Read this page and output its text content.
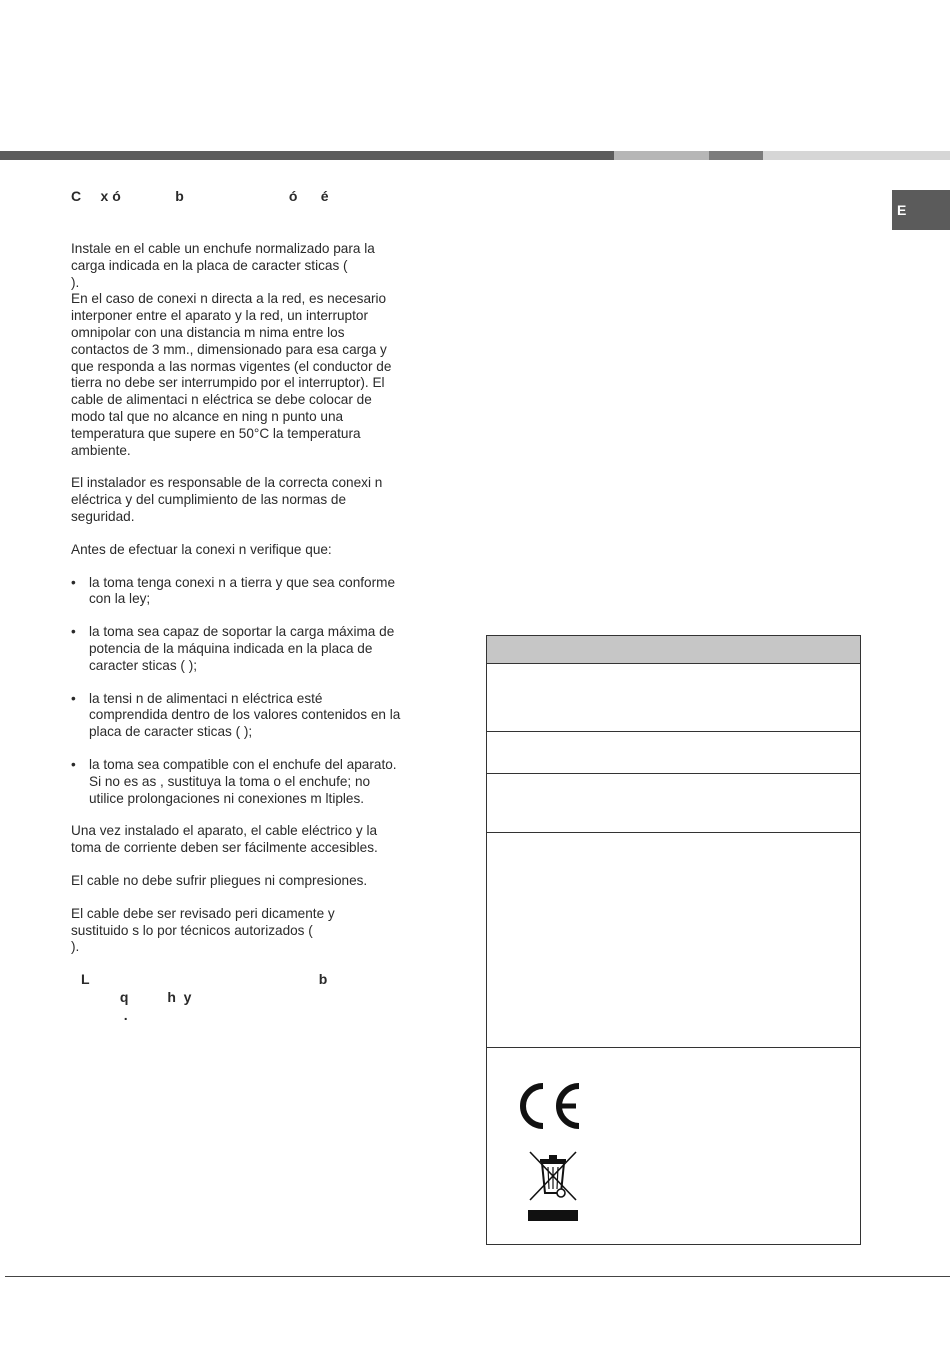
E
C     x ó              b                           ó      é
Instale en el cable un enchufe normalizado para la
carga indicada en la placa de caracter sticas (
).
En el caso de conexi n directa a la red, es necesario
interponer entre el aparato y la red, un interruptor
omnipolar con una distancia m nima entre los
contactos de 3 mm., dimensionado para esa carga y
que responda a las normas vigentes (el conductor de
tierra no debe ser interrumpido por el interruptor). El
cable de alimentaci n eléctrica se debe colocar de
modo tal que no alcance en ning n punto una
temperatura que supere en 50°C la temperatura
ambiente.
El instalador es responsable de la correcta conexi n
eléctrica y del cumplimiento de las normas de
seguridad.
Antes de efectuar la conexi n verifique que:
• la toma tenga conexi n a tierra y que sea conforme
con la ley;
• la toma sea capaz de soportar la carga máxima de
potencia de la máquina indicada en la placa de
caracter sticas ( );
• la tensi n de alimentaci n eléctrica esté
comprendida dentro de los valores contenidos en la
placa de caracter sticas ( );
• la toma sea compatible con el enchufe del aparato.
Si no es as , sustituya la toma o el enchufe; no
utilice prolongaciones ni conexiones m ltiples.
Una vez instalado el aparato, el cable eléctrico y la
toma de corriente deben ser fácilmente accesibles.
El cable no debe sufrir pliegues ni compresiones.
El cable debe ser revisado peri dicamente y
sustituido s lo por técnicos autorizados (
).
L                                                           b
q          h  y
.
